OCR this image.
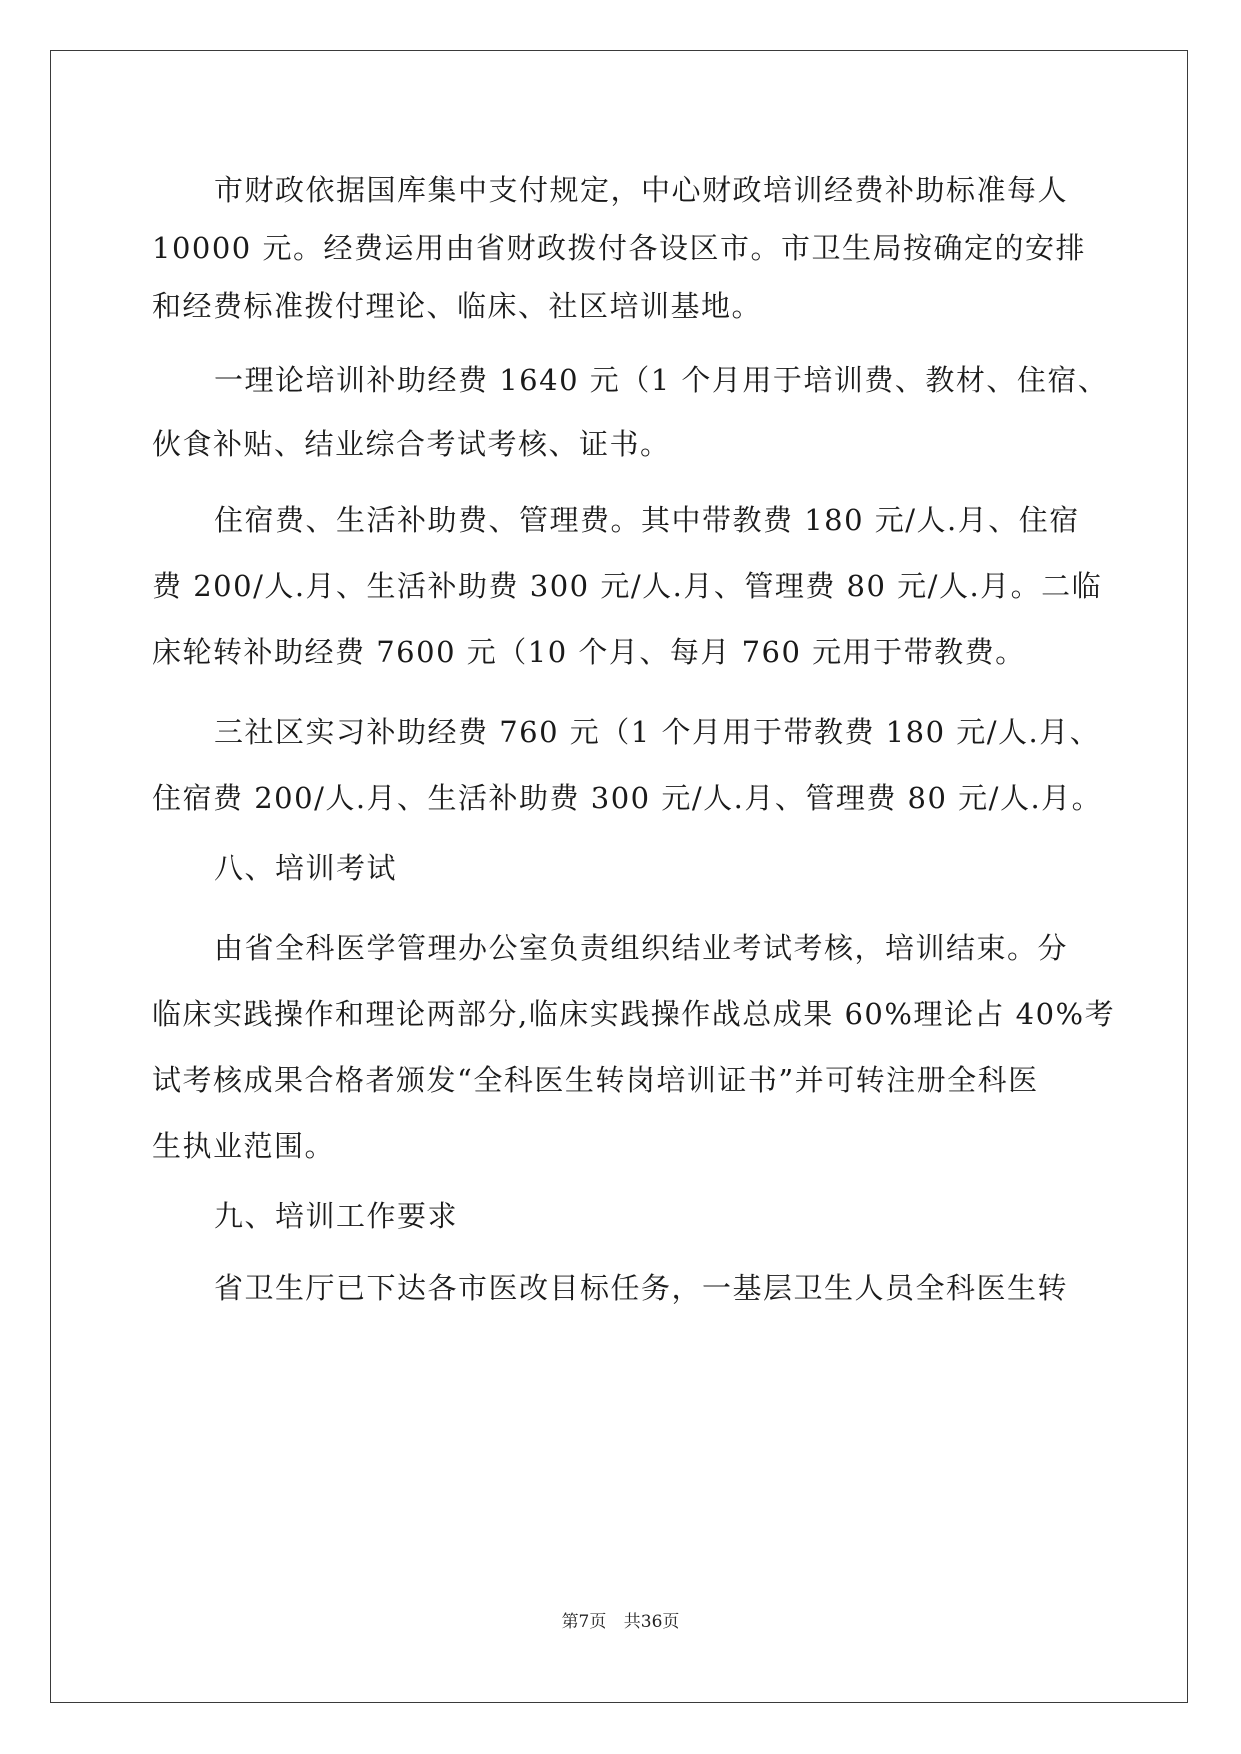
市财政依据国库集中支付规定，中心财政培训经费补助标准每人
10000 元。经费运用由省财政拨付各设区市。市卫生局按确定的安排
和经费标准拨付理论、临床、社区培训基地。
一理论培训补助经费 1640 元（1 个月用于培训费、教材、住宿、
伙食补贴、结业综合考试考核、证书。
住宿费、生活补助费、管理费。其中带教费 180 元/人.月、住宿
费 200/人.月、生活补助费 300 元/人.月、管理费 80 元/人.月。二临
床轮转补助经费 7600 元（10 个月、每月 760 元用于带教费。
三社区实习补助经费 760 元（1 个月用于带教费 180 元/人.月、
住宿费 200/人.月、生活补助费 300 元/人.月、管理费 80 元/人.月。
八、培训考试
由省全科医学管理办公室负责组织结业考试考核，培训结束。分
临床实践操作和理论两部分,临床实践操作战总成果 60%理论占 40%考
试考核成果合格者颁发“全科医生转岗培训证书”并可转注册全科医
生执业范围。
九、培训工作要求
省卫生厅已下达各市医改目标任务，一基层卫生人员全科医生转
第7页 共36页
